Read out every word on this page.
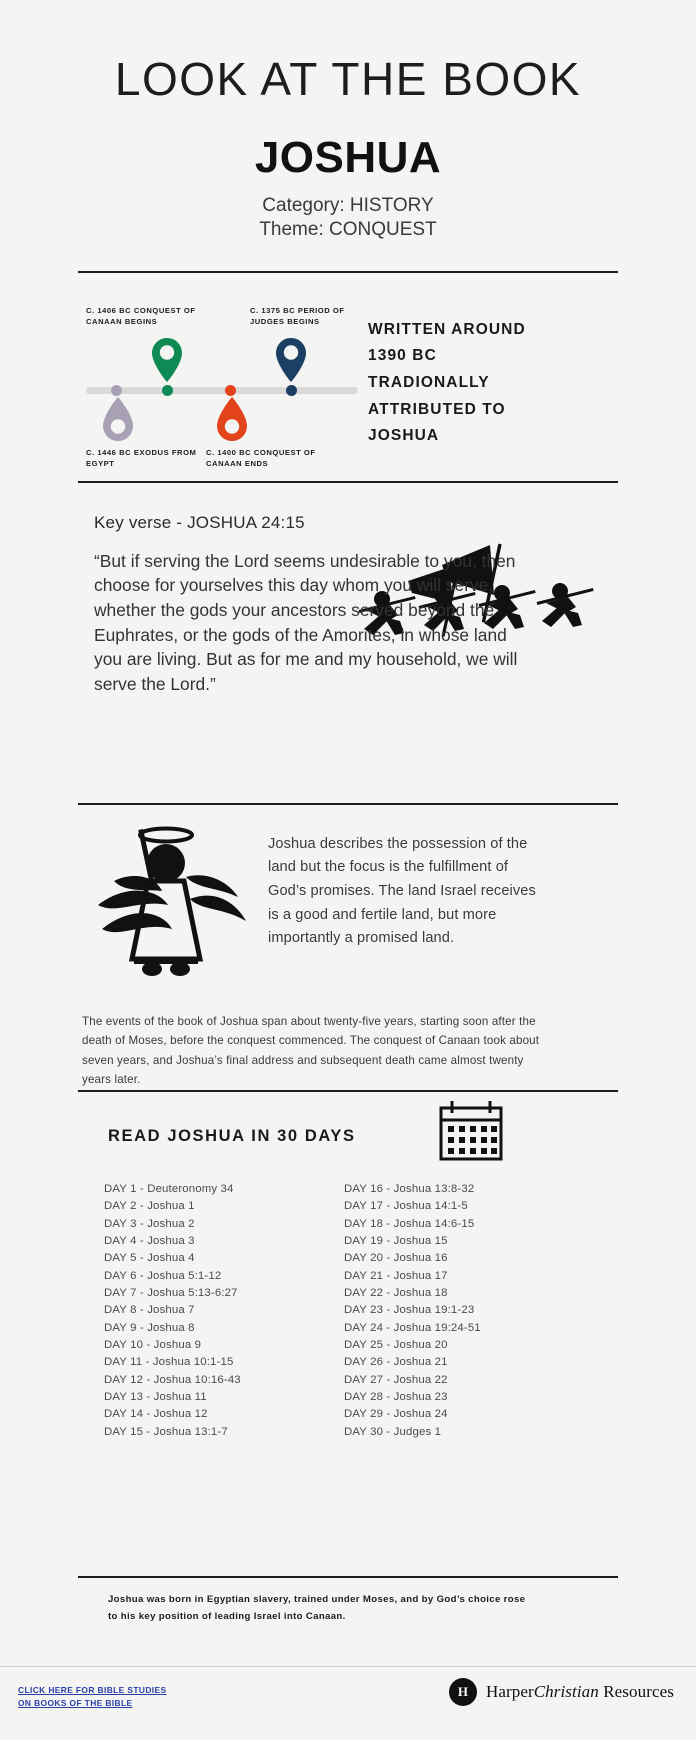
LOOK AT THE BOOK
JOSHUA
Category: HISTORY
Theme: CONQUEST
C. 1406 BC CONQUEST OF CANAAN BEGINS
C. 1375 BC PERIOD OF JUDGES BEGINS
C. 1446 BC EXODUS FROM EGYPT
C. 1400 BC CONQUEST OF CANAAN ENDS
WRITTEN AROUND 1390 BC TRADIONALLY ATTRIBUTED TO JOSHUA
Key verse - JOSHUA 24:15
“But if serving the Lord seems undesirable to you, then choose for yourselves this day whom you will serve, whether the gods your ancestors served beyond the Euphrates, or the gods of the Amorites, in whose land you are living. But as for me and my household, we will serve the Lord.”
Joshua describes the possession of the land but the focus is the fulfillment of God’s promises. The land Israel receives is a good and fertile land, but more importantly a promised land.
The events of the book of Joshua span about twenty-five years, starting soon after the death of Moses, before the conquest commenced. The conquest of Canaan took about seven years, and Joshua’s final address and subsequent death came almost twenty years later.
READ JOSHUA IN 30 DAYS
DAY 1 - Deuteronomy 34
DAY 2 - Joshua 1
DAY 3 - Joshua 2
DAY 4 - Joshua 3
DAY 5 - Joshua 4
DAY 6 - Joshua 5:1-12
DAY 7 - Joshua 5:13-6:27
DAY 8 - Joshua 7
DAY 9 - Joshua 8
DAY 10 - Joshua 9
DAY 11 - Joshua 10:1-15
DAY 12 - Joshua 10:16-43
DAY 13 - Joshua 11
DAY 14 - Joshua 12
DAY 15 - Joshua 13:1-7
DAY 16 - Joshua 13:8-32
DAY 17 - Joshua 14:1-5
DAY 18 - Joshua 14:6-15
DAY 19 - Joshua 15
DAY 20 - Joshua 16
DAY 21 - Joshua 17
DAY 22 - Joshua 18
DAY 23 - Joshua 19:1-23
DAY 24 - Joshua 19:24-51
DAY 25 - Joshua 20
DAY 26 - Joshua 21
DAY 27 - Joshua 22
DAY 28 - Joshua 23
DAY 29 - Joshua 24
DAY 30 - Judges 1
Joshua was born in Egyptian slavery, trained under Moses, and by God’s choice rose to his key position of leading Israel into Canaan.
CLICK HERE FOR BIBLE STUDIES
ON BOOKS OF THE BIBLE
H	HarperChristian Resources
